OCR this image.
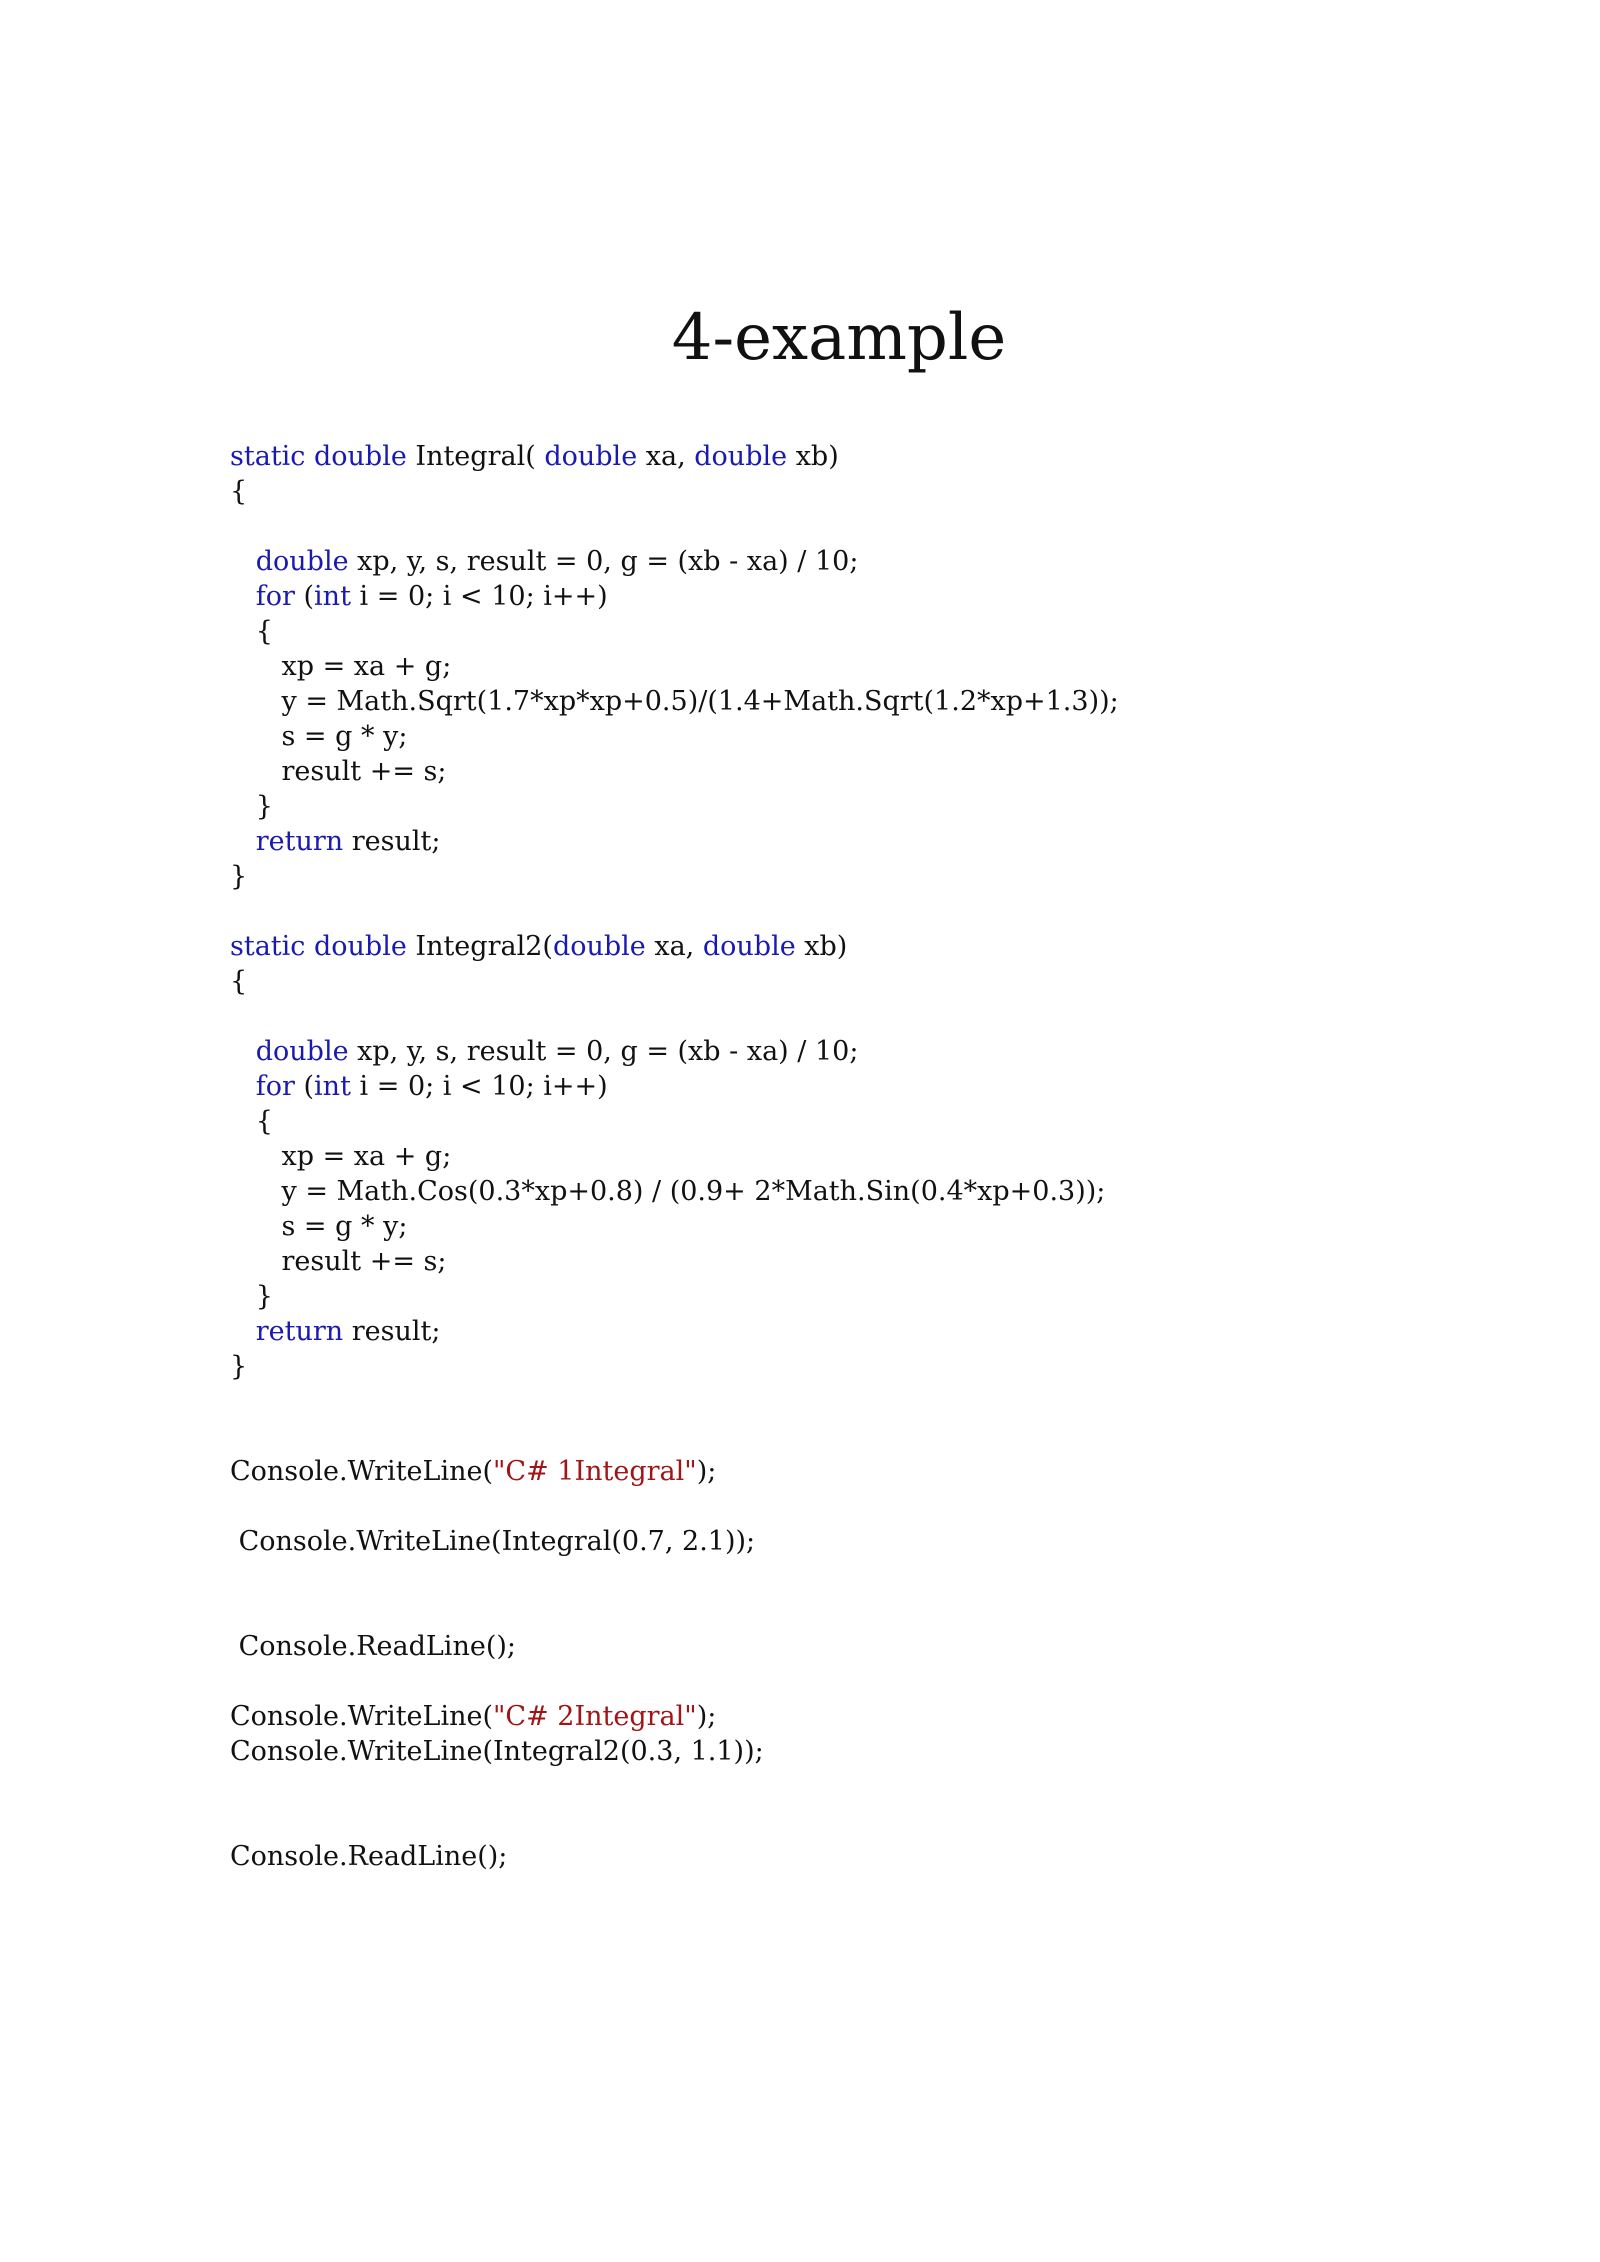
4-example
static double Integral( double xa, double xb)
{

double xp, y, s, result = 0, g = (xb - xa) / 10;
for (int i = 0; i < 10; i++)
{
xp = xa + g;
y = Math.Sqrt(1.7*xp*xp+0.5)/(1.4+Math.Sqrt(1.2*xp+1.3));
s = g * y;
result += s;
}
return result;
}

static double Integral2(double xa, double xb)
{

double xp, y, s, result = 0, g = (xb - xa) / 10;
for (int i = 0; i < 10; i++)
{
xp = xa + g;
y = Math.Cos(0.3*xp+0.8) / (0.9+ 2*Math.Sin(0.4*xp+0.3));
s = g * y;
result += s;
}
return result;
}

Console.WriteLine("C# 1Integral");

Console.WriteLine(Integral(0.7, 2.1));

Console.ReadLine();

Console.WriteLine("C# 2Integral");
Console.WriteLine(Integral2(0.3, 1.1));

Console.ReadLine();
